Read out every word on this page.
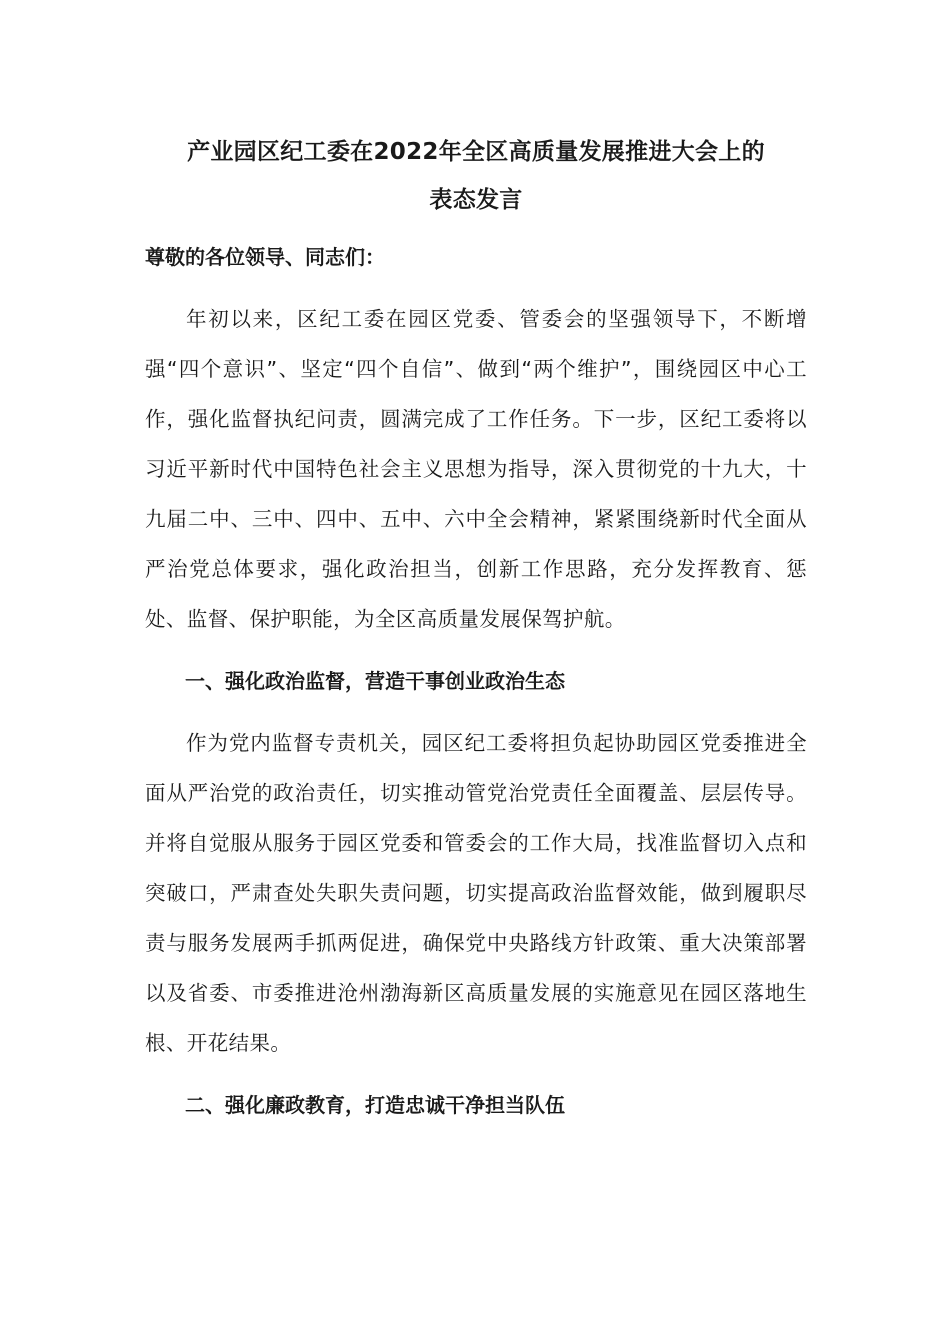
产业园区纪工委在2022年全区高质量发展推进大会上的
表态发言

尊敬的各位领导、同志们：

年初以来，区纪工委在园区党委、管委会的坚强领导下，不断增强“四个意识”、坚定“四个自信”、做到“两个维护”，围绕园区中心工作，强化监督执纪问责，圆满完成了工作任务。下一步，区纪工委将以习近平新时代中国特色社会主义思想为指导，深入贯彻党的十九大，十九届二中、三中、四中、五中、六中全会精神，紧紧围绕新时代全面从严治党总体要求，强化政治担当，创新工作思路，充分发挥教育、惩处、监督、保护职能，为全区高质量发展保驾护航。

一、强化政治监督，营造干事创业政治生态

作为党内监督专责机关，园区纪工委将担负起协助园区党委推进全面从严治党的政治责任，切实推动管党治党责任全面覆盖、层层传导。并将自觉服从服务于园区党委和管委会的工作大局，找准监督切入点和突破口，严肃查处失职失责问题，切实提高政治监督效能，做到履职尽责与服务发展两手抓两促进，确保党中央路线方针政策、重大决策部署以及省委、市委推进沧州渤海新区高质量发展的实施意见在园区落地生根、开花结果。

二、强化廉政教育，打造忠诚干净担当队伍
